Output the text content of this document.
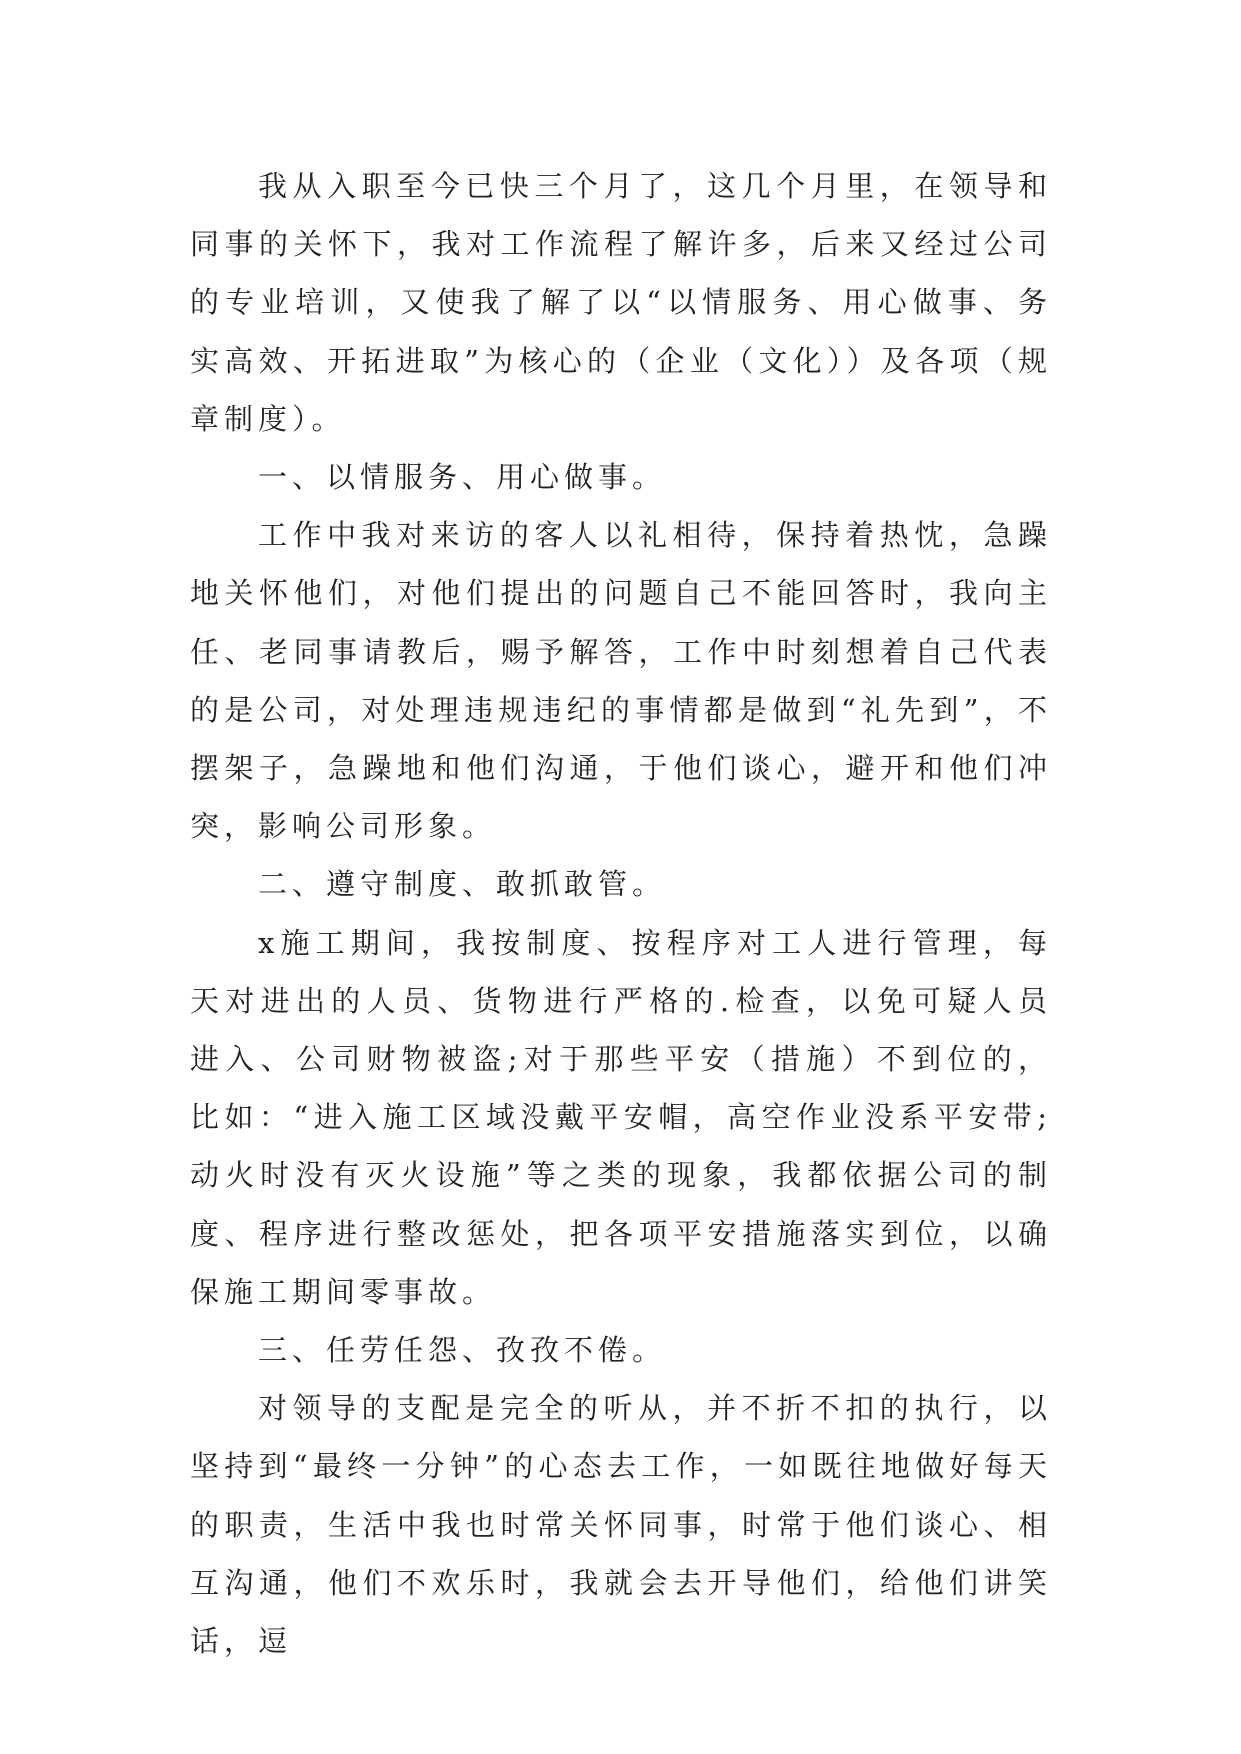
我从入职至今已快三个月了，这几个月里，在领导和同事的关怀下，我对工作流程了解许多，后来又经过公司的专业培训，又使我了解了以“以情服务、用心做事、务实高效、开拓进取”为核心的（企业（文化））及各项（规章制度）。

一、以情服务、用心做事。

工作中我对来访的客人以礼相待，保持着热忱，急躁地关怀他们，对他们提出的问题自己不能回答时，我向主任、老同事请教后，赐予解答，工作中时刻想着自己代表的是公司，对处理违规违纪的事情都是做到“礼先到”，不摆架子，急躁地和他们沟通，于他们谈心，避开和他们冲突，影响公司形象。

二、遵守制度、敢抓敢管。

x施工期间，我按制度、按程序对工人进行管理，每天对进出的人员、货物进行严格的.检查，以免可疑人员进入、公司财物被盗;对于那些平安（措施）不到位的，比如：“进入施工区域没戴平安帽，高空作业没系平安带;动火时没有灭火设施”等之类的现象，我都依据公司的制度、程序进行整改惩处，把各项平安措施落实到位，以确保施工期间零事故。

三、任劳任怨、孜孜不倦。

对领导的支配是完全的听从，并不折不扣的执行，以坚持到“最终一分钟”的心态去工作，一如既往地做好每天的职责，生活中我也时常关怀同事，时常于他们谈心、相互沟通，他们不欢乐时，我就会去开导他们，给他们讲笑话，逗
